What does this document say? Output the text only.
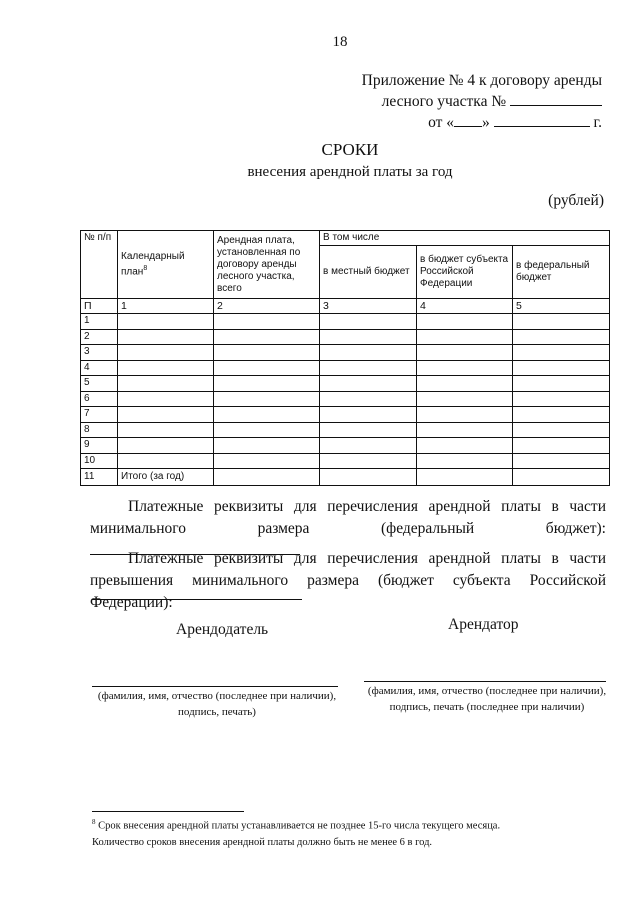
18
Приложение № 4 к договору аренды
лесного участка №
от « »	г.
СРОКИ
внесения арендной платы за год
(рублей)
№ п/п	Календарный план$^8$	Арендная плата, установленная по договору аренды лесного участка, всего	В том числе		
			в местный бюджет	в бюджет субъекта Российской Федерации	в федеральный бюджет
П	1	2	3	4	5
1					
2					
3					
4					
5					
6					
7					
8					
9					
10					
11	Итого (за год)				
Платежные реквизиты для перечисления арендной платы в части минимального размера (федеральный бюджет):
Платежные реквизиты для перечисления арендной платы в части превышения минимального размера (бюджет субъекта Российской Федерации):
Арендодатель	Арендатор
(фамилия, имя, отчество (последнее при наличии),
подпись, печать)
(фамилия, имя, отчество (последнее при наличии),
подпись, печать (последнее при наличии)
$^8$ Срок внесения арендной платы устанавливается не позднее 15-го числа текущего месяца.
Количество сроков внесения арендной платы должно быть не менее 6 в год.
